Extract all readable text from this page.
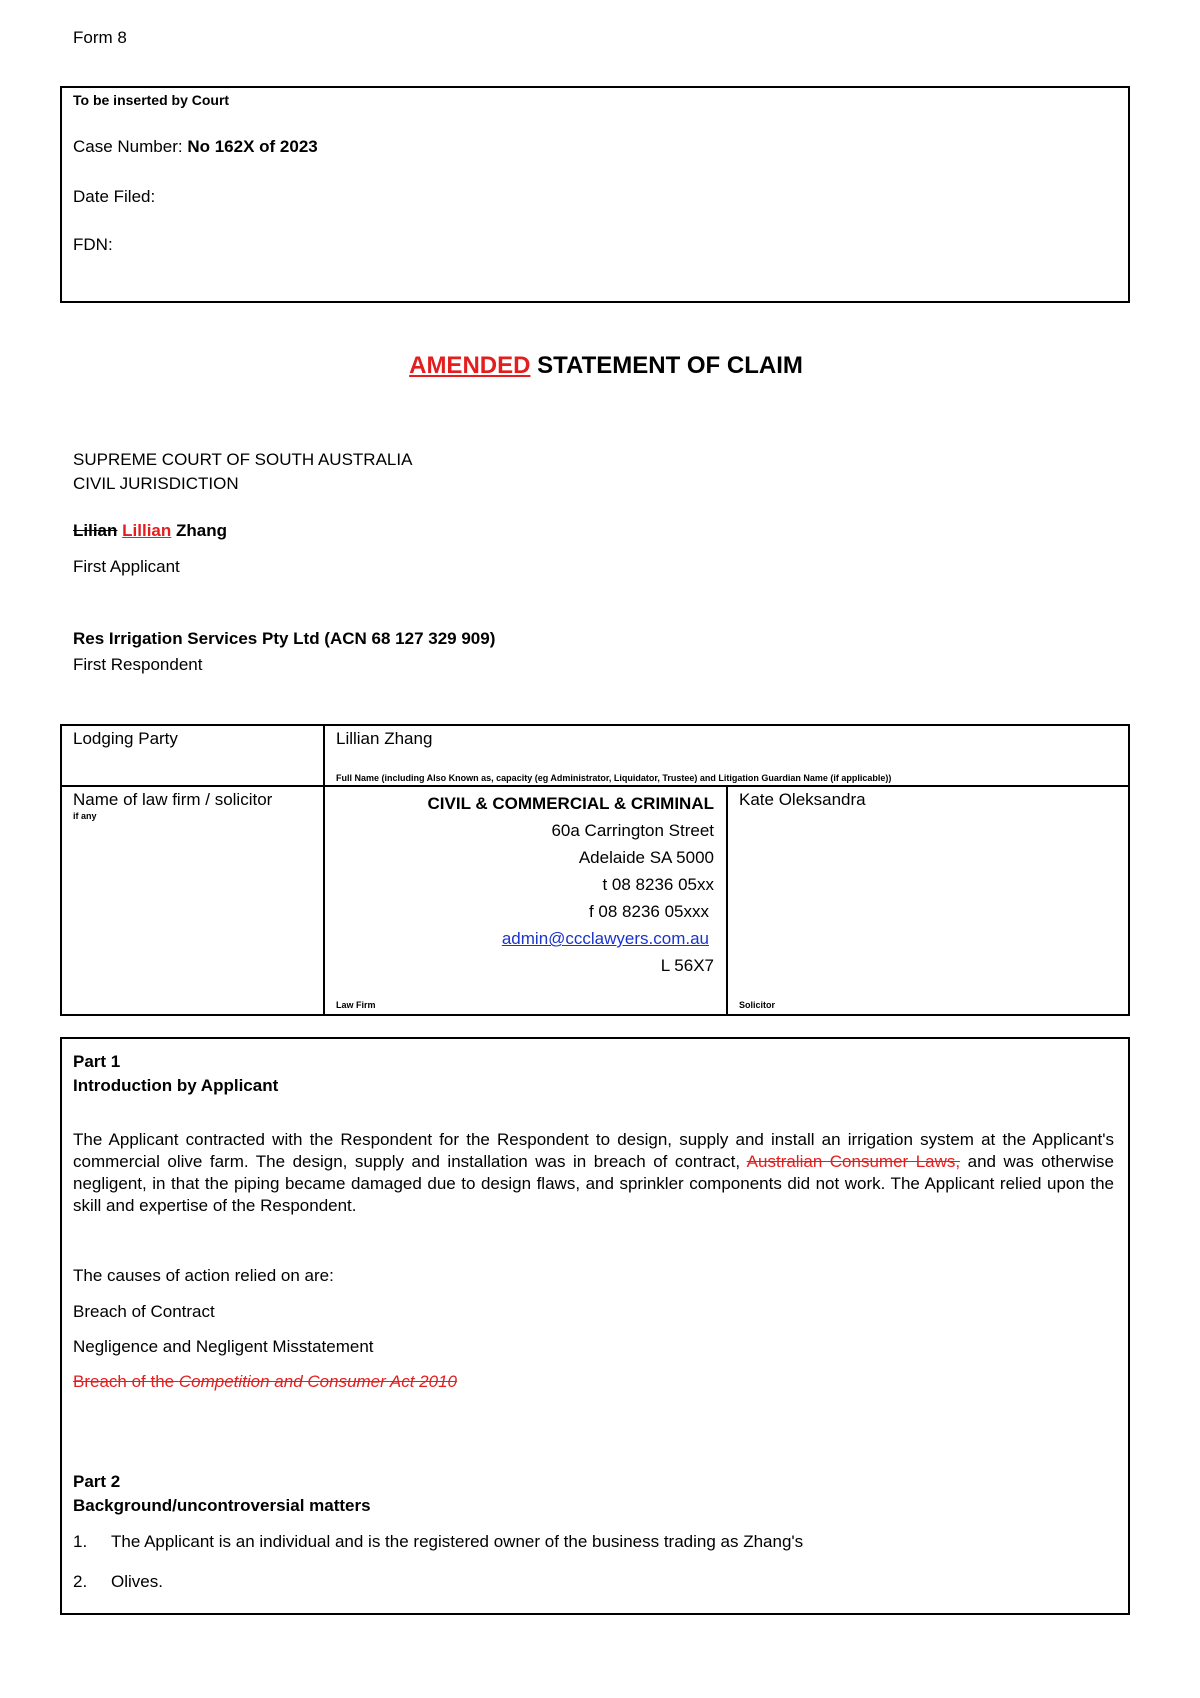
Form 8
To be inserted by Court
Case Number: No 162X of 2023
Date Filed:
FDN:
AMENDED STATEMENT OF CLAIM
SUPREME COURT OF SOUTH AUSTRALIA
CIVIL JURISDICTION
Lilian Lillian Zhang
First Applicant
Res Irrigation Services Pty Ltd (ACN 68 127 329 909)
First Respondent
Lodging Party	Lillian Zhang
Full Name (including Also Known as, capacity (eg Administrator, Liquidator, Trustee) and Litigation Guardian Name (if applicable))
Name of law firm / solicitor
if any
CIVIL & COMMERCIAL & CRIMINAL
60a Carrington Street
Adelaide SA 5000
t 08 8236 05xx
f 08 8236 05xxx
admin@ccclawyers.com.au
L 56X7
Law Firm
Kate Oleksandra
Solicitor
Part 1
Introduction by Applicant

The Applicant contracted with the Respondent for the Respondent to design, supply and install an irrigation system at the Applicant's commercial olive farm. The design, supply and installation was in breach of contract, Australian Consumer Laws, and was otherwise negligent, in that the piping became damaged due to design flaws, and sprinkler components did not work. The Applicant relied upon the skill and expertise of the Respondent.

The causes of action relied on are:
Breach of Contract
Negligence and Negligent Misstatement
Breach of the Competition and Consumer Act 2010
Part 2
Background/uncontroversial matters
1. The Applicant is an individual and is the registered owner of the business trading as Zhang's
2. Olives.
